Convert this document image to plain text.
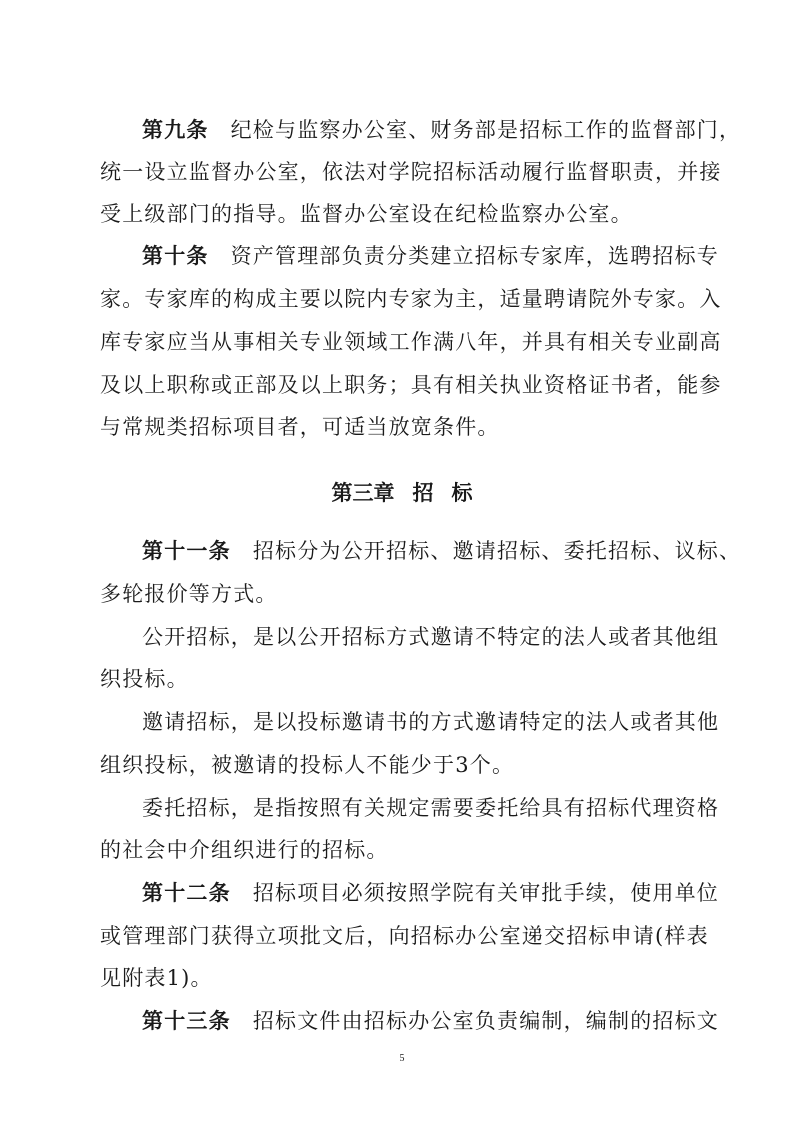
第九条 纪检与监察办公室、财务部是招标工作的监督部门，
统一设立监督办公室，依法对学院招标活动履行监督职责，并接
受上级部门的指导。监督办公室设在纪检监察办公室。
第十条 资产管理部负责分类建立招标专家库，选聘招标专
家。专家库的构成主要以院内专家为主，适量聘请院外专家。入
库专家应当从事相关专业领域工作满八年，并具有相关专业副高
及以上职称或正部及以上职务；具有相关执业资格证书者，能参
与常规类招标项目者，可适当放宽条件。
第三章 招 标
第十一条 招标分为公开招标、邀请招标、委托招标、议标、
多轮报价等方式。
公开招标，是以公开招标方式邀请不特定的法人或者其他组
织投标。
邀请招标，是以投标邀请书的方式邀请特定的法人或者其他
组织投标，被邀请的投标人不能少于3个。
委托招标，是指按照有关规定需要委托给具有招标代理资格
的社会中介组织进行的招标。
第十二条 招标项目必须按照学院有关审批手续，使用单位
或管理部门获得立项批文后，向招标办公室递交招标申请(样表
见附表1)。
第十三条 招标文件由招标办公室负责编制，编制的招标文
5
